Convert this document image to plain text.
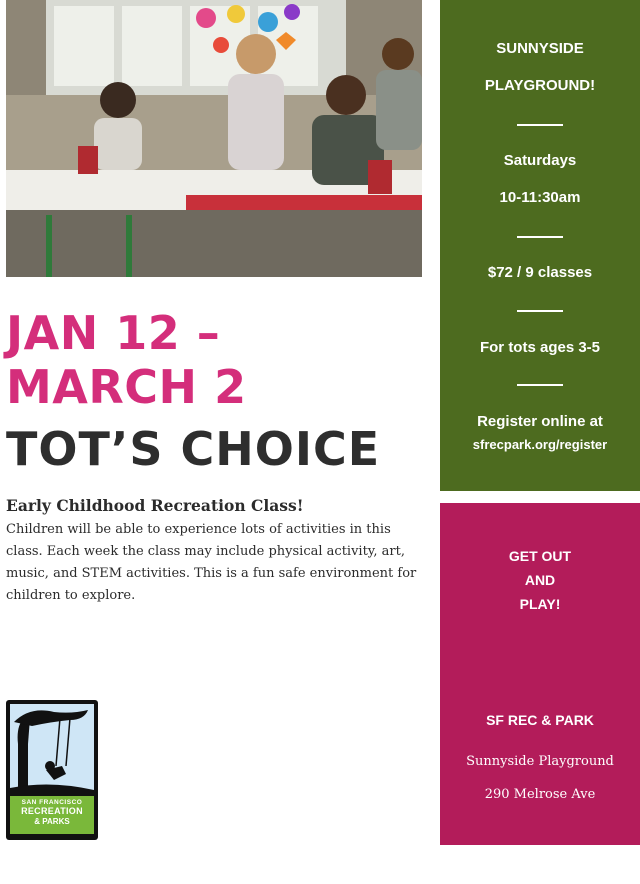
JAN 12 –
MARCH 2
TOT’S CHOICE
Early Childhood Recreation Class!

Children will be able to experience lots of activities in this class. Each week the class may include physical activity, art, music, and STEM activities. This is a fun safe environment for children to explore.

SAN FRANCISCO
RECREATION
& PARKS
SUNNYSIDE
PLAYGROUND!
Saturdays
10-11:30am
$72 / 9 classes
For tots ages 3-5
Register online at
sfrecpark.org/register
GET OUT
AND
PLAY!
SF REC & PARK
Sunnyside Playground
290 Melrose Ave
